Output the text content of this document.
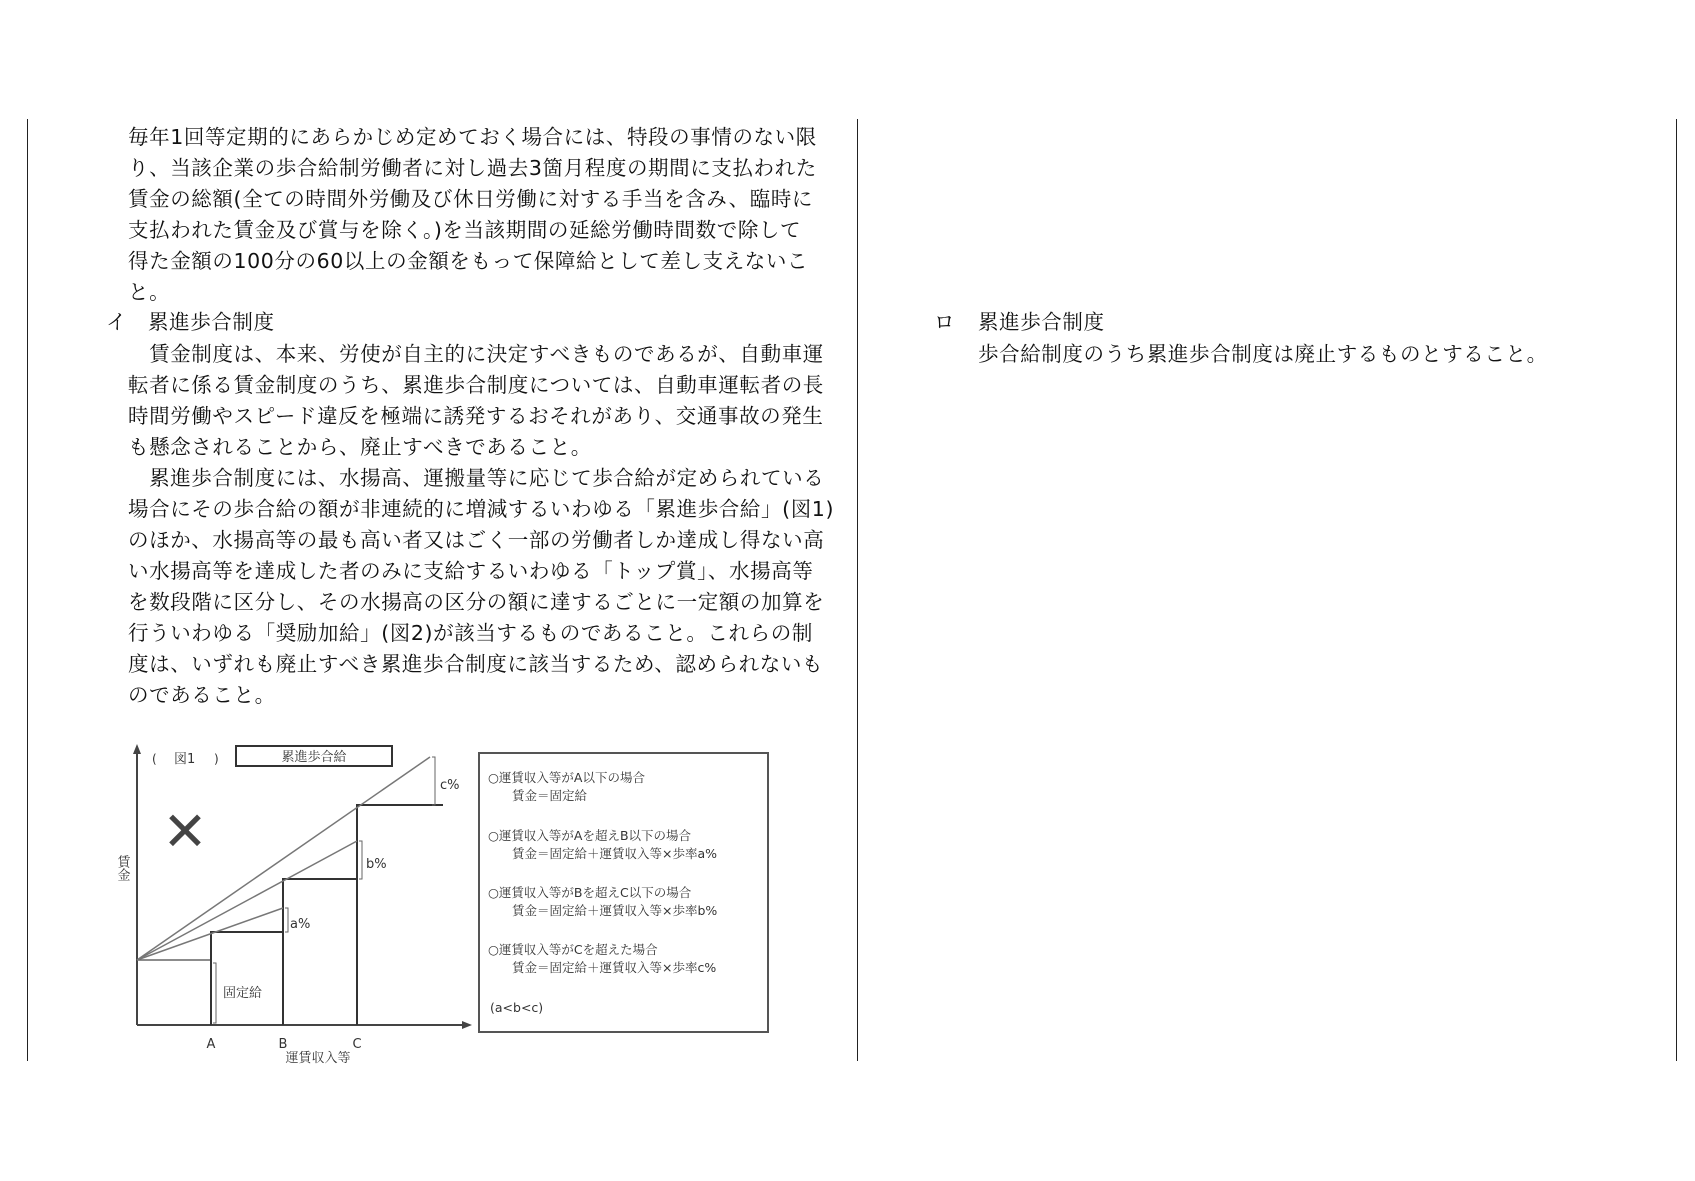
毎年1回等定期的にあらかじめ定めておく場合には、特段の事情のない限
り、当該企業の歩合給制労働者に対し過去3箇月程度の期間に支払われた
賃金の総額(全ての時間外労働及び休日労働に対する手当を含み、臨時に
支払われた賃金及び賞与を除く。)を当該期間の延総労働時間数で除して
得た金額の100分の60以上の金額をもって保障給として差し支えないこ
と。
　賃金制度は、本来、労使が自主的に決定すべきものであるが、自動車運
転者に係る賃金制度のうち、累進歩合制度については、自動車運転者の長
時間労働やスピード違反を極端に誘発するおそれがあり、交通事故の発生
も懸念されることから、廃止すべきであること。
　累進歩合制度には、水揚高、運搬量等に応じて歩合給が定められている
場合にその歩合給の額が非連続的に増減するいわゆる「累進歩合給」(図1)
のほか、水揚高等の最も高い者又はごく一部の労働者しか達成し得ない高
い水揚高等を達成した者のみに支給するいわゆる「トップ賞」、水揚高等
を数段階に区分し、その水揚高の区分の額に達するごとに一定額の加算を
行ういわゆる「奨励加給」(図2)が該当するものであること。これらの制
度は、いずれも廃止すべき累進歩合制度に該当するため、認められないも
のであること。
イ 累進歩合制度	ロ 累進歩合制度
歩合給制度のうち累進歩合制度は廃止するものとすること。
( 図1 )	累進歩合給
✕
賃金
固定給
a%
b%
c%
A	B	C
運賃収入等
○運賃収入等がA以下の場合
賃金＝固定給
○運賃収入等がAを超えB以下の場合
賃金＝固定給＋運賃収入等×歩率a%
○運賃収入等がBを超えC以下の場合
賃金＝固定給＋運賃収入等×歩率b%
○運賃収入等がCを超えた場合
賃金＝固定給＋運賃収入等×歩率c%
(a<b<c)
